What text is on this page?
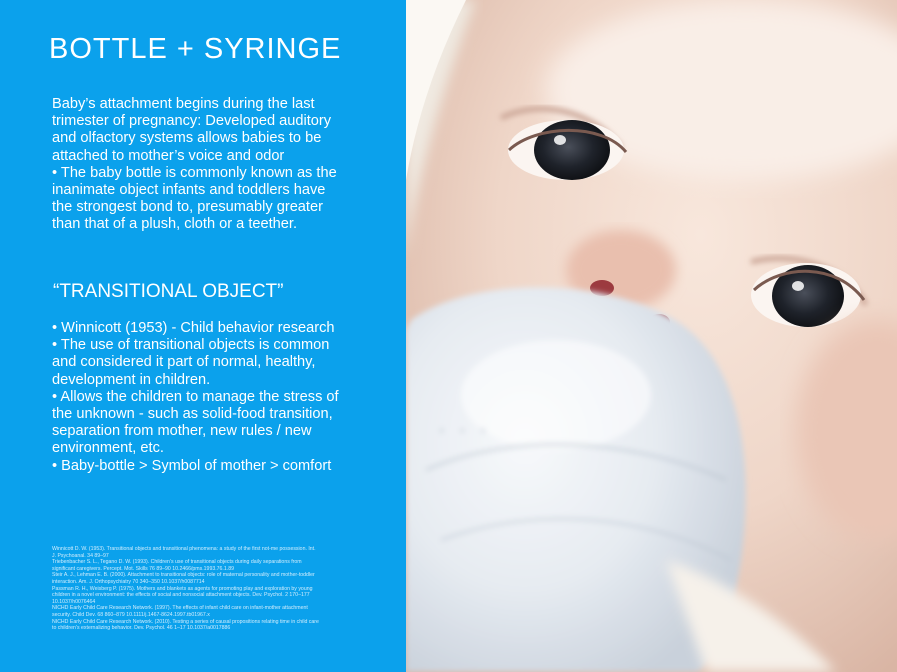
BOTTLE + SYRINGE

Baby’s attachment begins during the last

trimester of pregnancy: Developed auditory

and olfactory systems allows babies to be

attached to mother’s voice and odor

• The baby bottle is commonly known as the

inanimate object infants and toddlers have

the strongest bond to, presumably greater

than that of a plush, cloth or a teether.

“TRANSITIONAL OBJECT”

• Winnicott (1953) - Child behavior research

• The use of transitional objects is common

and considered it part of normal, healthy,

development in children.

• Allows the children to manage the stress of

the unknown - such as solid-food transition,

separation from mother, new rules / new

environment, etc.

• Baby-bottle > Symbol of mother > comfort

Winnicott D. W. (1953). Transitional objects and transitional phenomena: a study of the first not-me possession. Int.

J. Psychoanal. 34 89–97

Triebenbacher S. L., Tegano D. W. (1993). Children’s use of transitional objects during daily separations from

significant caregivers. Percept. Mot. Skills 76 89–90 10.2466/pms.1993.76.1.89

Steir A. J., Lehman E. B. (2000). Attachment to transitional objects: role of maternal personality and mother-toddler

interaction. Am. J. Orthopsychiatry 70 340–350 10.1037/h0087714

Passman R. H., Weisberg P. (1975). Mothers and blankets as agents for promoting play and exploration by young

children in a novel environment: the effects of social and nonsocial attachment objects. Dev. Psychol. 2 170–177

10.1037/h0076464

NICHD Early Child Care Research Network. (1997). The effects of infant child care on infant-mother attachment

security. Child Dev. 68 860–879 10.1111/j.1467-8624.1997.tb01967.x

NICHD Early Child Care Research Network. (2010). Testing a series of causal propositions relating time in child care

to children’s externalizing behavior. Dev. Psychol. 46 1–17 10.1037/a0017886

· · ·
